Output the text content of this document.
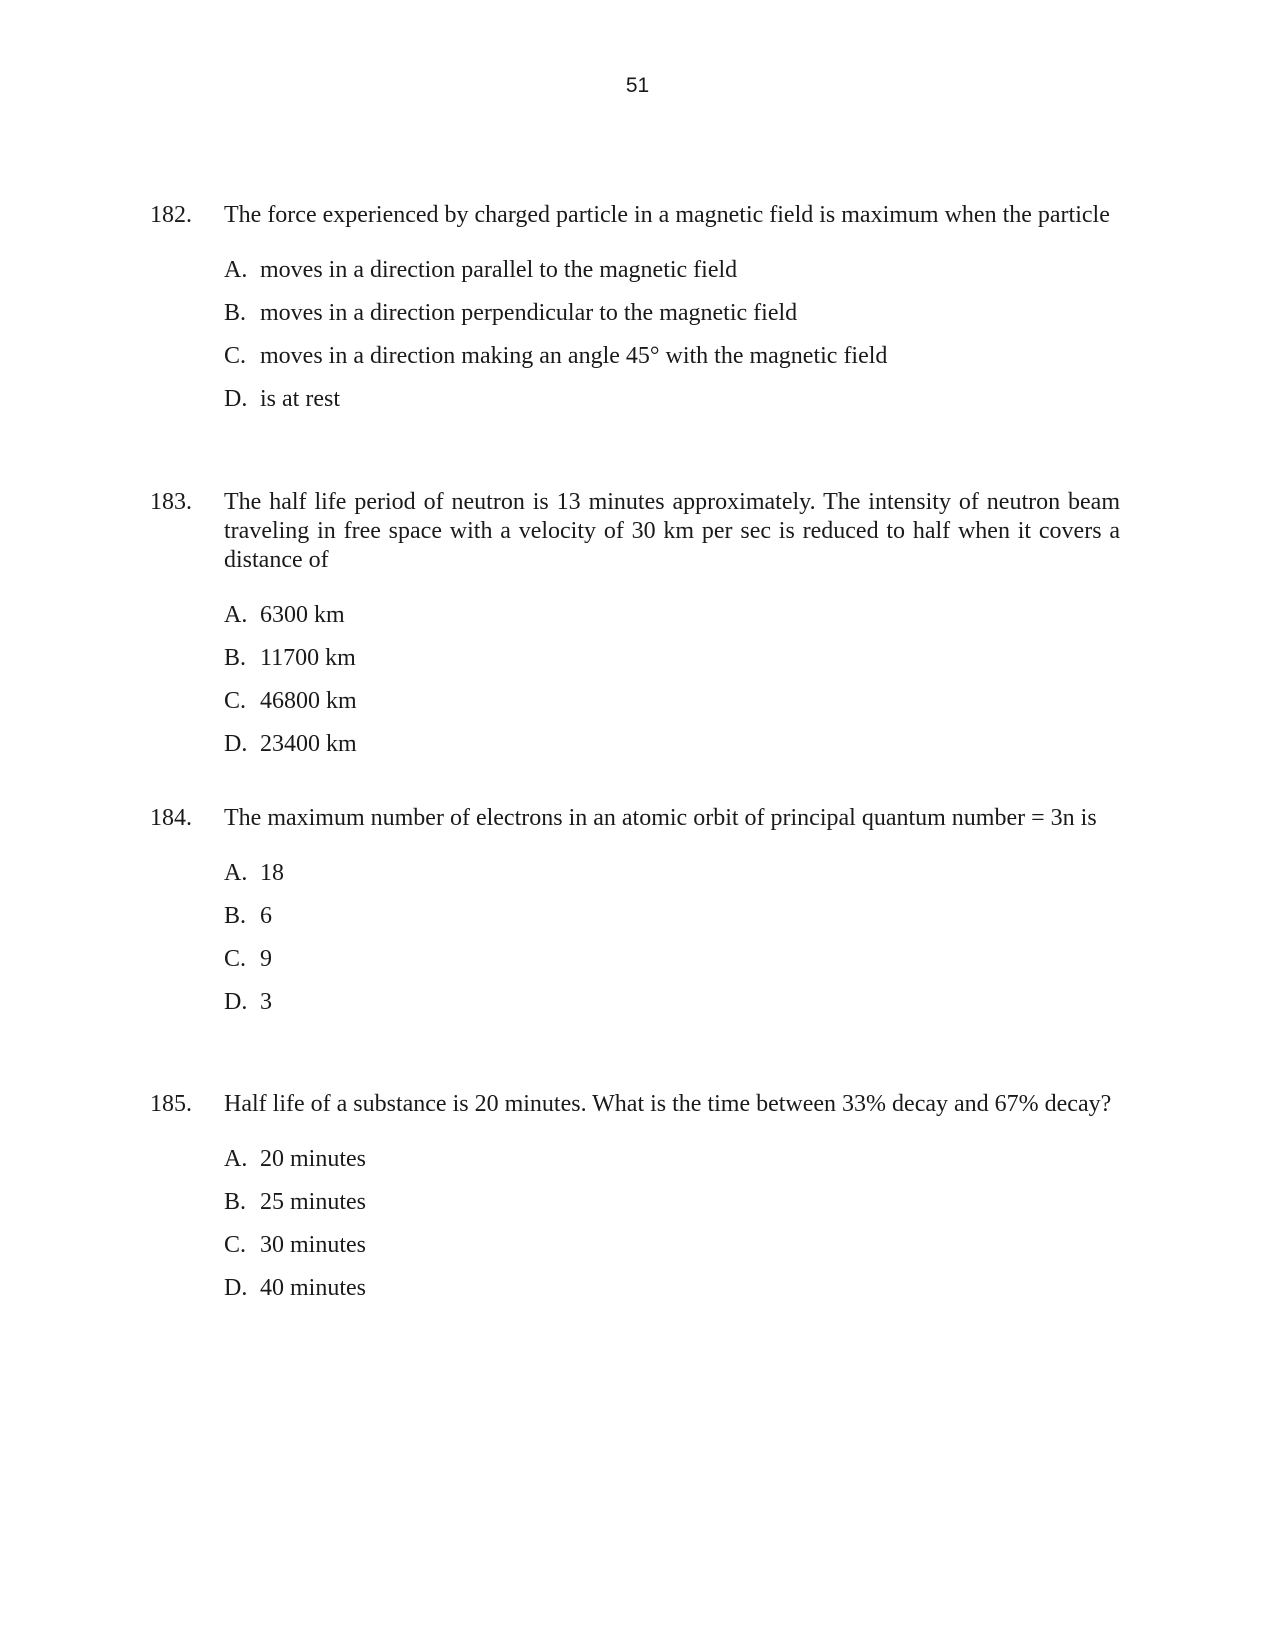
51
182. The force experienced by charged particle in a magnetic field is maximum when the particle
A. moves in a direction parallel to the magnetic field
B. moves in a direction perpendicular to the magnetic field
C. moves in a direction making an angle 45° with the magnetic field
D. is at rest
183. The half life period of neutron is 13 minutes approximately. The intensity of neutron beam traveling in free space with a velocity of 30 km per sec is reduced to half when it covers a distance of
A. 6300 km
B. 11700 km
C. 46800 km
D. 23400 km
184. The maximum number of electrons in an atomic orbit of principal quantum number = 3n is
A. 18
B. 6
C. 9
D. 3
185. Half life of a substance is 20 minutes. What is the time between 33% decay and 67% decay?
A. 20 minutes
B. 25 minutes
C. 30 minutes
D. 40 minutes
